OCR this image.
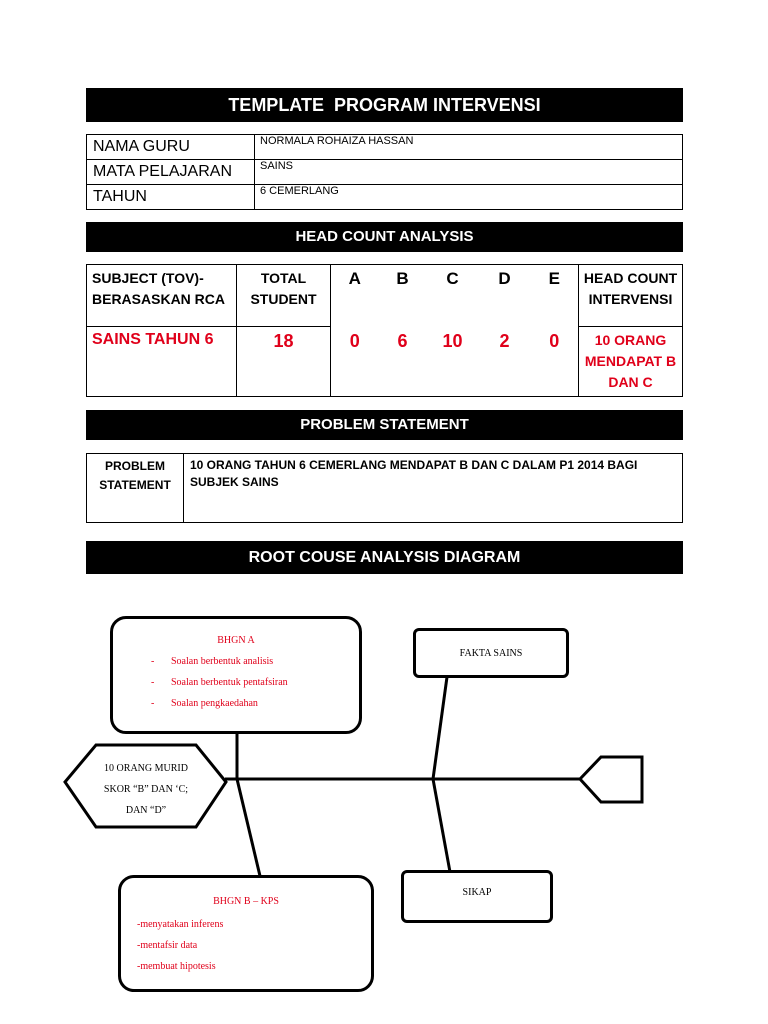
TEMPLATE  PROGRAM INTERVENSI
NAMA GURU	NORMALA ROHAIZA HASSAN
MATA PELAJARAN	SAINS
TAHUN	6 CEMERLANG
HEAD COUNT ANALYSIS
SUBJECT (TOV)- BERASASKAN RCA	TOTAL STUDENT	A	B	C	D	E	HEAD COUNT INTERVENSI
SAINS TAHUN 6	18	0	6	10	2	0	10 ORANG MENDAPAT B DAN C
PROBLEM STATEMENT
PROBLEM STATEMENT	10 ORANG TAHUN 6 CEMERLANG MENDAPAT B DAN C DALAM P1 2014 BAGI SUBJEK SAINS
ROOT COUSE ANALYSIS DIAGRAM
10 ORANG MURID
SKOR “B” DAN ‘C;
DAN “D”
BHGN A
- Soalan berbentuk analisis
- Soalan berbentuk pentafsiran
- Soalan pengkaedahan
FAKTA SAINS
BHGN B – KPS
-menyatakan inferens
-mentafsir data
-membuat hipotesis
SIKAP
